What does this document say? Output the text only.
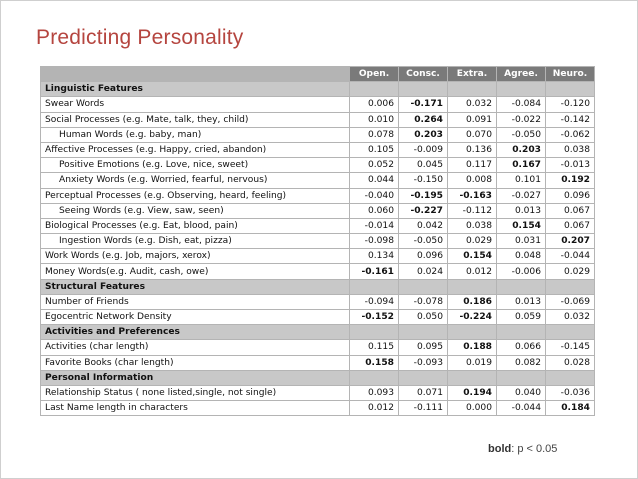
Predicting Personality
	Open.	Consc.	Extra.	Agree.	Neuro.
Linguistic Features					
Swear Words	0.006	-0.171	0.032	-0.084	-0.120
Social Processes (e.g. Mate, talk, they, child)	0.010	0.264	0.091	-0.022	-0.142
Human Words (e.g. baby, man)	0.078	0.203	0.070	-0.050	-0.062
Affective Processes (e.g. Happy, cried, abandon)	0.105	-0.009	0.136	0.203	0.038
Positive Emotions (e.g. Love, nice, sweet)	0.052	0.045	0.117	0.167	-0.013
Anxiety Words (e.g. Worried, fearful, nervous)	0.044	-0.150	0.008	0.101	0.192
Perceptual Processes (e.g. Observing, heard, feeling)	-0.040	-0.195	-0.163	-0.027	0.096
Seeing Words (e.g. View, saw, seen)	0.060	-0.227	-0.112	0.013	0.067
Biological Processes (e.g. Eat, blood, pain)	-0.014	0.042	0.038	0.154	0.067
Ingestion Words (e.g. Dish, eat, pizza)	-0.098	-0.050	0.029	0.031	0.207
Work Words (e.g. Job, majors, xerox)	0.134	0.096	0.154	0.048	-0.044
Money Words(e.g. Audit, cash, owe)	-0.161	0.024	0.012	-0.006	0.029
Structural Features					
Number of Friends	-0.094	-0.078	0.186	0.013	-0.069
Egocentric Network Density	-0.152	0.050	-0.224	0.059	0.032
Activities and Preferences					
Activities (char length)	0.115	0.095	0.188	0.066	-0.145
Favorite Books (char length)	0.158	-0.093	0.019	0.082	0.028
Personal Information					
Relationship Status ( none listed,single, not single)	0.093	0.071	0.194	0.040	-0.036
Last Name length in characters	0.012	-0.111	0.000	-0.044	0.184
bold: p < 0.05
